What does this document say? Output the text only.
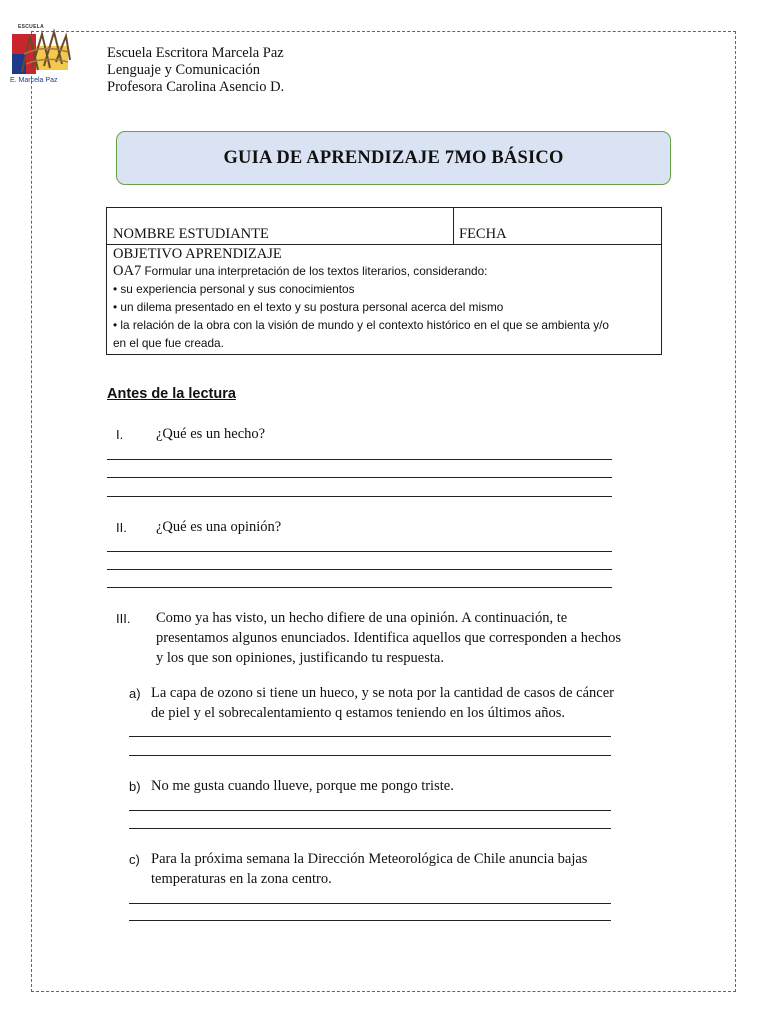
ESCUELA
E. Marcela Paz
Escuela Escritora Marcela Paz
Lenguaje y Comunicación
Profesora Carolina Asencio D.
GUIA DE APRENDIZAJE 7MO BÁSICO
NOMBRE ESTUDIANTE	FECHA

OBJETIVO APRENDIZAJE
OA7 Formular una interpretación de los textos literarios, considerando:
• su experiencia personal y sus conocimientos
• un dilema presentado en el texto y su postura personal acerca del mismo
• la relación de la obra con la visión de mundo y el contexto histórico en el que se ambienta y/o
en el que fue creada.
Antes de la lectura
I. ¿Qué es un hecho?
II. ¿Qué es una opinión?
III. Como ya has visto, un hecho difiere de una opinión. A continuación, te
presentamos algunos enunciados. Identifica aquellos que corresponden a hechos
y los que son opiniones, justificando tu respuesta.
a) La capa de ozono si tiene un hueco, y se nota por la cantidad de casos de cáncer
de piel y el sobrecalentamiento q estamos teniendo en los últimos años.
b) No me gusta cuando llueve, porque me pongo triste.
c) Para la próxima semana la Dirección Meteorológica de Chile anuncia bajas
temperaturas en la zona centro.
